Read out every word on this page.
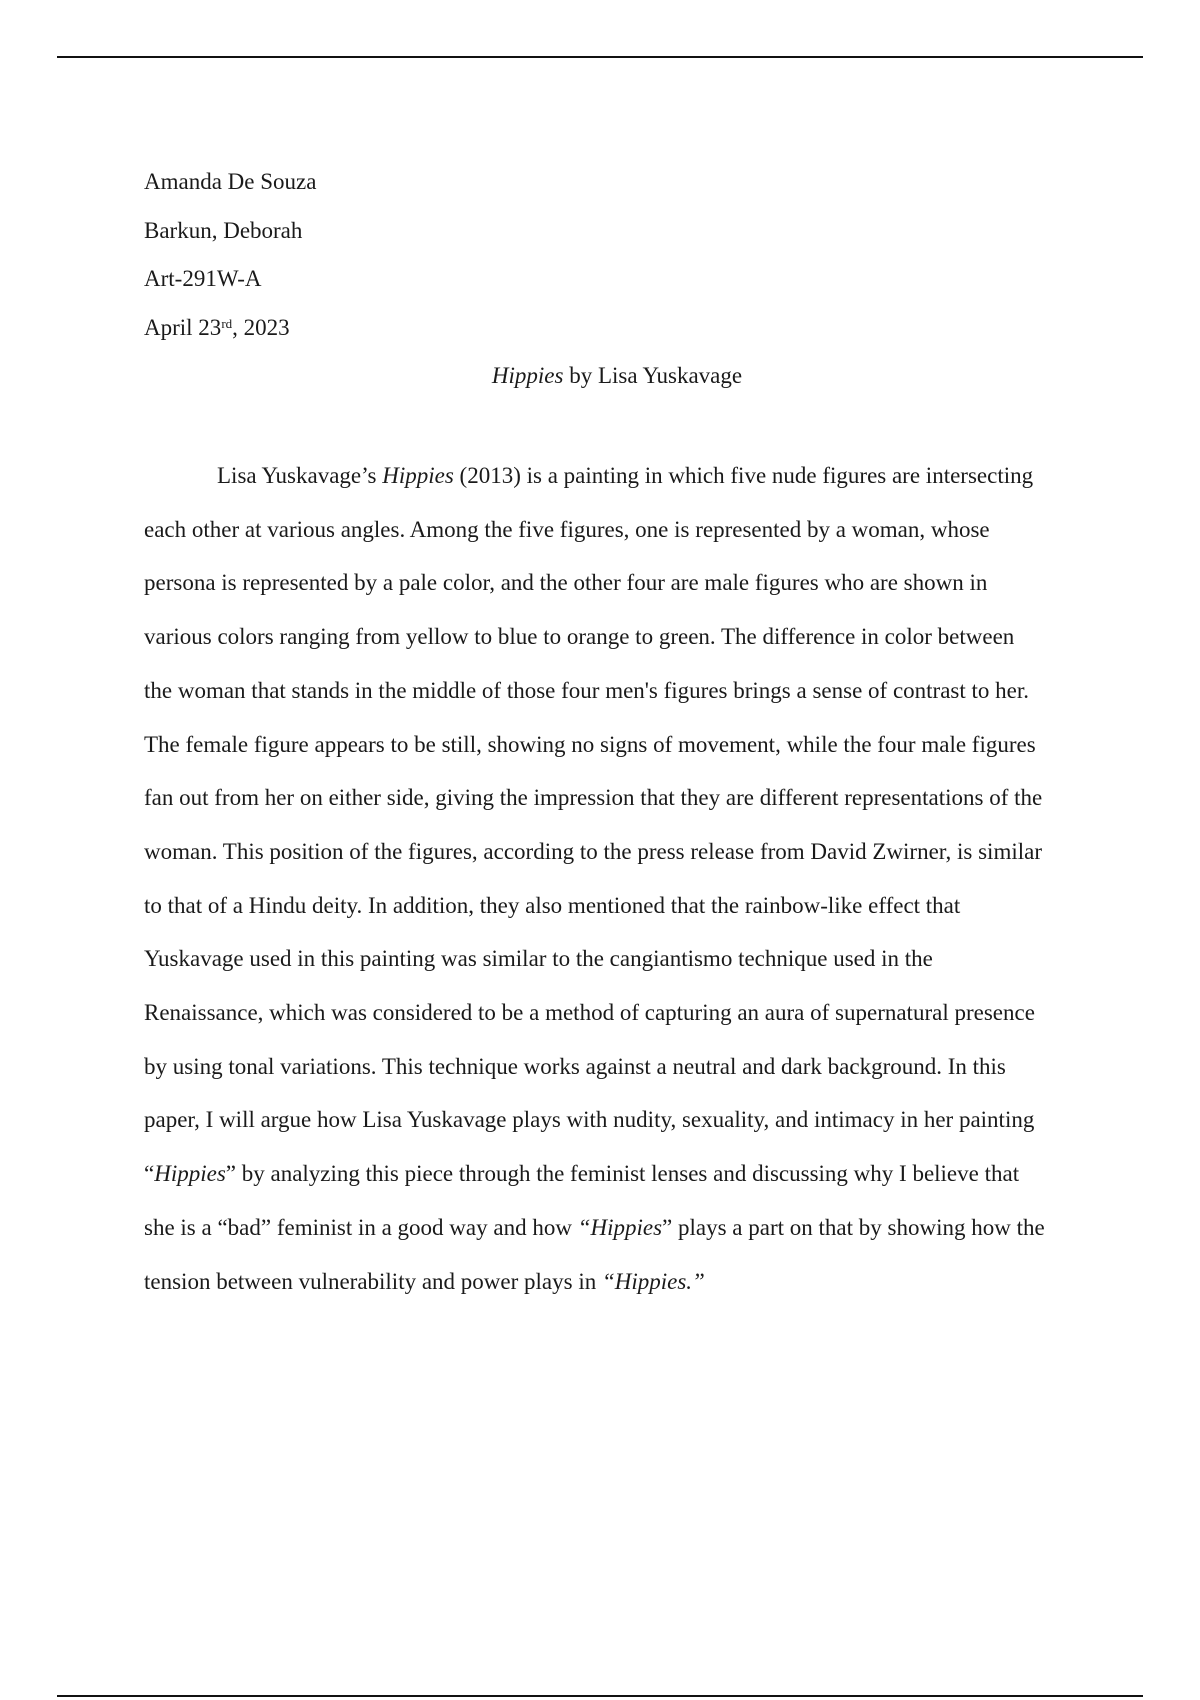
Amanda De Souza
Barkun, Deborah
Art-291W-A
April 23rd, 2023
Hippies by Lisa Yuskavage
Lisa Yuskavage’s Hippies (2013) is a painting in which five nude figures are intersecting
each other at various angles. Among the five figures, one is represented by a woman, whose
persona is represented by a pale color, and the other four are male figures who are shown in
various colors ranging from yellow to blue to orange to green. The difference in color between
the woman that stands in the middle of those four men's figures brings a sense of contrast to her.
The female figure appears to be still, showing no signs of movement, while the four male figures
fan out from her on either side, giving the impression that they are different representations of the
woman. This position of the figures, according to the press release from David Zwirner, is similar
to that of a Hindu deity. In addition, they also mentioned that the rainbow-like effect that
Yuskavage used in this painting was similar to the cangiantismo technique used in the
Renaissance, which was considered to be a method of capturing an aura of supernatural presence
by using tonal variations. This technique works against a neutral and dark background. In this
paper, I will argue how Lisa Yuskavage plays with nudity, sexuality, and intimacy in her painting
“Hippies” by analyzing this piece through the feminist lenses and discussing why I believe that
she is a “bad” feminist in a good way and how “Hippies” plays a part on that by showing how the
tension between vulnerability and power plays in “Hippies.”
